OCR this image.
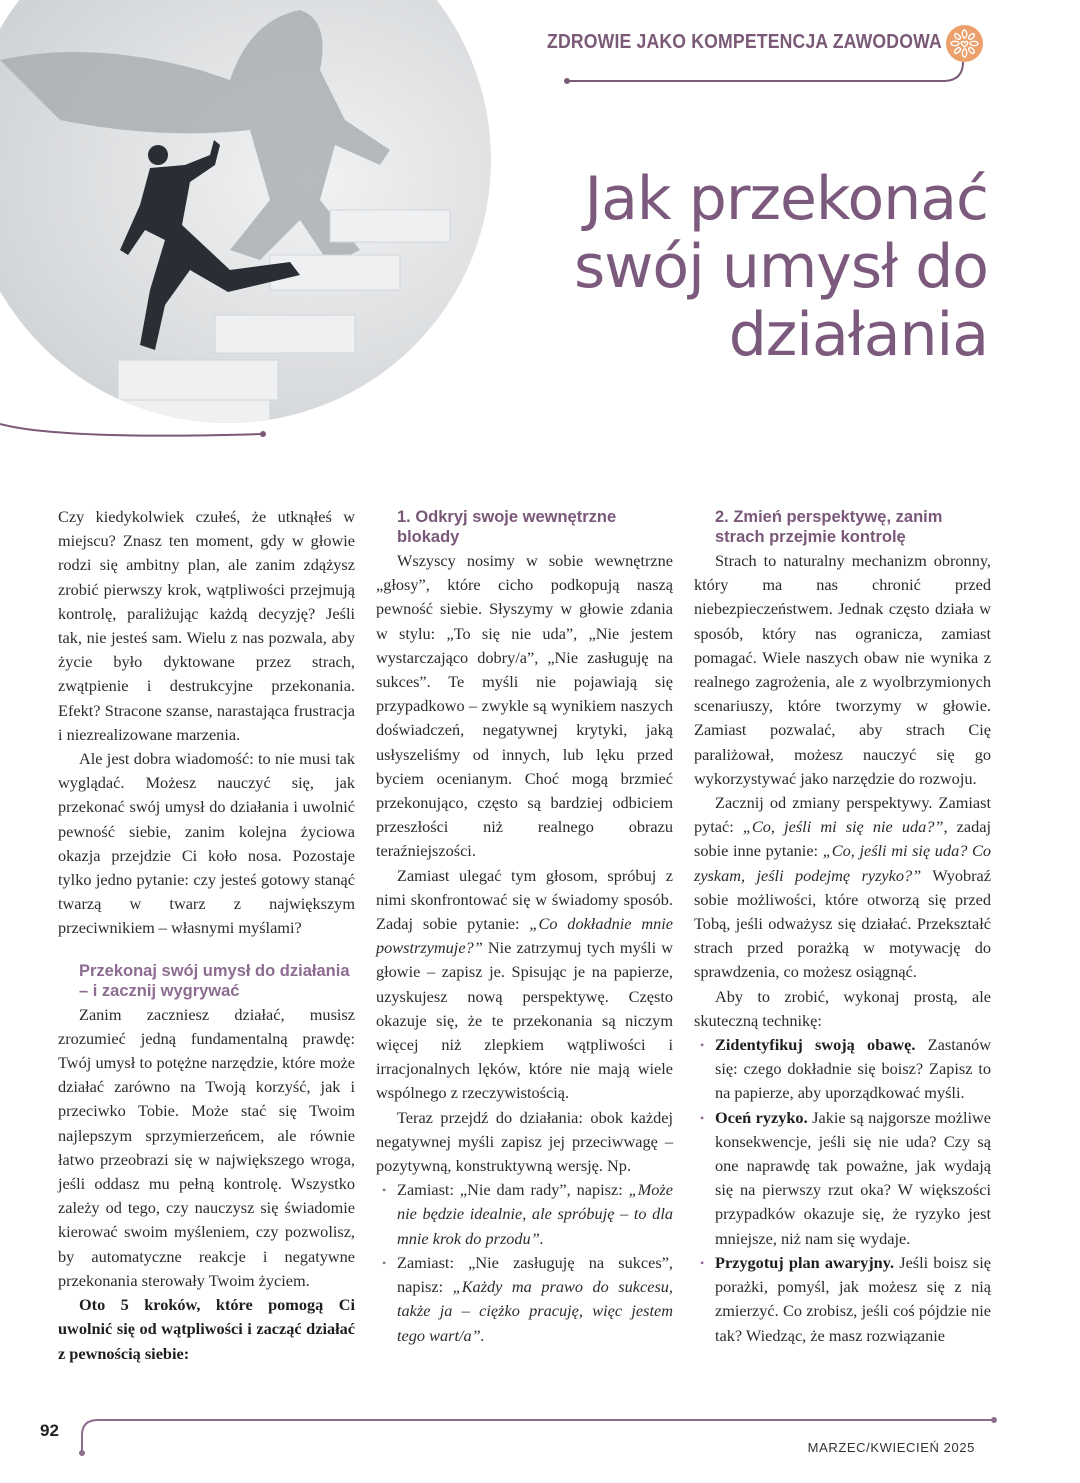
ZDROWIE JAKO KOMPETENCJA ZAWODOWA
Jak przekonać
swój umysł do
działania

Czy kiedykolwiek czułeś, że utknąłeś w miejscu? Znasz ten moment, gdy w głowie rodzi się ambitny plan, ale zanim zdążysz zrobić pierwszy krok, wątpliwości przejmują kontrolę, paraliżując każdą decyzję? Jeśli tak, nie jesteś sam. Wielu z nas pozwala, aby życie było dyktowane przez strach, zwątpienie i destrukcyjne przekonania. Efekt? Stracone szanse, narastająca frustracja i niezrealizowane marzenia.

Ale jest dobra wiadomość: to nie musi tak wyglądać. Możesz nauczyć się, jak przekonać swój umysł do działania i uwolnić pewność siebie, zanim kolejna życiowa okazja przejdzie Ci koło nosa. Pozostaje tylko jedno pytanie: czy jesteś gotowy stanąć twarzą w twarz z największym przeciwnikiem – własnymi myślami?

Przekonaj swój umysł do działania – i zacznij wygrywać

Zanim zaczniesz działać, musisz zrozumieć jedną fundamentalną prawdę: Twój umysł to potężne narzędzie, które może działać zarówno na Twoją korzyść, jak i przeciwko Tobie. Może stać się Twoim najlepszym sprzymierzeńcem, ale równie łatwo przeobrazi się w największego wroga, jeśli oddasz mu pełną kontrolę. Wszystko zależy od tego, czy nauczysz się świadomie kierować swoim myśleniem, czy pozwolisz, by automatyczne reakcje i negatywne przekonania sterowały Twoim życiem.

Oto 5 kroków, które pomogą Ci uwolnić się od wątpliwości i zacząć działać z pewnością siebie:

1. Odkryj swoje wewnętrzne blokady

Wszyscy nosimy w sobie wewnętrzne „głosy”, które cicho podkopują naszą pewność siebie. Słyszymy w głowie zdania w stylu: „To się nie uda”, „Nie jestem wystarczająco dobry/a”, „Nie zasługuję na sukces”. Te myśli nie pojawiają się przypadkowo – zwykle są wynikiem naszych doświadczeń, negatywnej krytyki, jaką usłyszeliśmy od innych, lub lęku przed byciem ocenianym. Choć mogą brzmieć przekonująco, często są bardziej odbiciem przeszłości niż realnego obrazu teraźniejszości.

Zamiast ulegać tym głosom, spróbuj z nimi skonfrontować się w świadomy sposób. Zadaj sobie pytanie: „Co dokładnie mnie powstrzymuje?” Nie zatrzymuj tych myśli w głowie – zapisz je. Spisując je na papierze, uzyskujesz nową perspektywę. Często okazuje się, że te przekonania są niczym więcej niż zlepkiem wątpliwości i irracjonalnych lęków, które nie mają wiele wspólnego z rzeczywistością.

Teraz przejdź do działania: obok każdej negatywnej myśli zapisz jej przeciwwagę – pozytywną, konstruktywną wersję. Np.

• Zamiast: „Nie dam rady”, napisz: „Może nie będzie idealnie, ale spróbuję – to dla mnie krok do przodu”.

• Zamiast: „Nie zasługuję na sukces”, napisz: „Każdy ma prawo do sukcesu, także ja – ciężko pracuję, więc jestem tego wart/a”.

2. Zmień perspektywę, zanim strach przejmie kontrolę

Strach to naturalny mechanizm obronny, który ma nas chronić przed niebezpieczeństwem. Jednak często działa w sposób, który nas ogranicza, zamiast pomagać. Wiele naszych obaw nie wynika z realnego zagrożenia, ale z wyolbrzymionych scenariuszy, które tworzymy w głowie. Zamiast pozwalać, aby strach Cię paraliżował, możesz nauczyć się go wykorzystywać jako narzędzie do rozwoju.

Zacznij od zmiany perspektywy. Zamiast pytać: „Co, jeśli mi się nie uda?”, zadaj sobie inne pytanie: „Co, jeśli mi się uda? Co zyskam, jeśli podejmę ryzyko?” Wyobraź sobie możliwości, które otworzą się przed Tobą, jeśli odważysz się działać. Przekształć strach przed porażką w motywację do sprawdzenia, co możesz osiągnąć.

Aby to zrobić, wykonaj prostą, ale skuteczną technikę:

• Zidentyfikuj swoją obawę. Zastanów się: czego dokładnie się boisz? Zapisz to na papierze, aby uporządkować myśli.

• Oceń ryzyko. Jakie są najgorsze możliwe konsekwencje, jeśli się nie uda? Czy są one naprawdę tak poważne, jak wydają się na pierwszy rzut oka? W większości przypadków okazuje się, że ryzyko jest mniejsze, niż nam się wydaje.

• Przygotuj plan awaryjny. Jeśli boisz się porażki, pomyśl, jak możesz się z nią zmierzyć. Co zrobisz, jeśli coś pójdzie nie tak? Wiedząc, że masz rozwiązanie

92
MARZEC/KWIECIEŃ 2025
